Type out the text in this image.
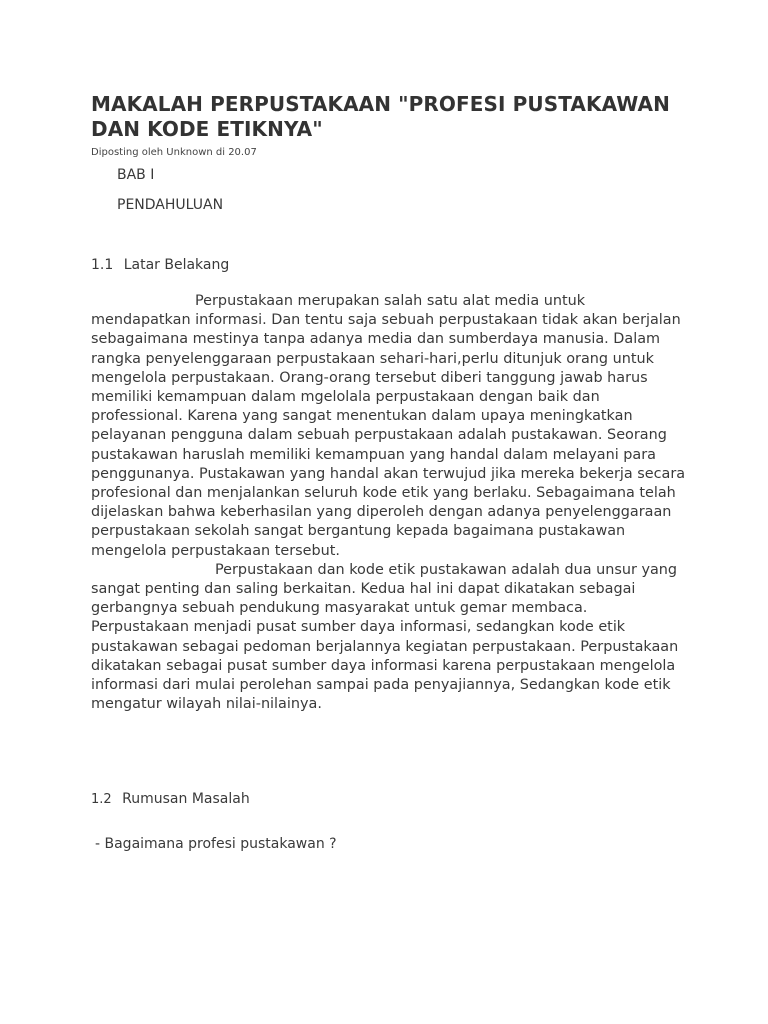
MAKALAH PERPUSTAKAAN "PROFESI PUSTAKAWAN DAN KODE ETIKNYA"
Diposting oleh Unknown di 20.07
BAB I
PENDAHULUAN
1.1 Latar Belakang
Perpustakaan merupakan salah satu alat media untuk mendapatkan informasi. Dan tentu saja sebuah perpustakaan tidak akan berjalan sebagaimana mestinya tanpa adanya media dan sumberdaya manusia. Dalam rangka penyelenggaraan perpustakaan sehari-hari,perlu ditunjuk orang untuk mengelola perpustakaan. Orang-orang tersebut diberi tanggung jawab harus memiliki kemampuan dalam mgelolala perpustakaan dengan baik dan professional. Karena yang sangat menentukan dalam upaya meningkatkan pelayanan pengguna dalam sebuah perpustakaan adalah pustakawan. Seorang pustakawan haruslah memiliki kemampuan yang handal dalam melayani para penggunanya. Pustakawan yang handal akan terwujud jika mereka bekerja secara profesional dan menjalankan seluruh kode etik yang berlaku. Sebagaimana telah dijelaskan bahwa keberhasilan yang diperoleh dengan adanya penyelenggaraan perpustakaan sekolah sangat bergantung kepada bagaimana pustakawan mengelola perpustakaan tersebut.
Perpustakaan dan kode etik pustakawan adalah dua unsur yang sangat penting dan saling berkaitan. Kedua hal ini dapat dikatakan sebagai gerbangnya sebuah pendukung masyarakat untuk gemar membaca. Perpustakaan menjadi pusat sumber daya informasi, sedangkan kode etik pustakawan sebagai pedoman berjalannya kegiatan perpustakaan. Perpustakaan dikatakan sebagai pusat sumber daya informasi karena perpustakaan mengelola informasi dari mulai perolehan sampai pada penyajiannya, Sedangkan kode etik mengatur wilayah nilai-nilainya.
1.2 Rumusan Masalah
- Bagaimana profesi pustakawan ?
